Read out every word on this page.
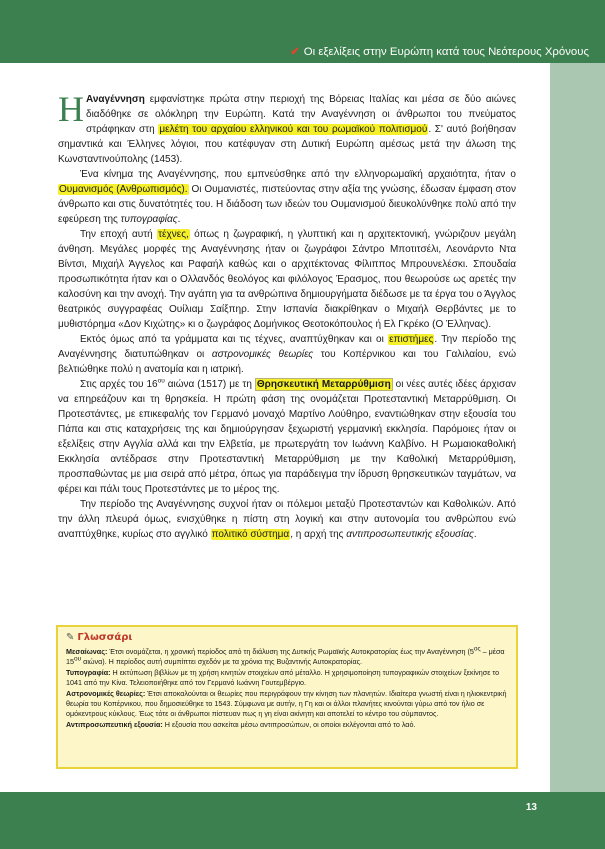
✔ Οι εξελίξεις στην Ευρώπη κατά τους Νεότερους Χρόνους

Η Αναγέννηση εμφανίστηκε πρώτα στην περιοχή της Βόρειας Ιταλίας και μέσα σε δύο αιώνες διαδόθηκε σε ολόκληρη την Ευρώπη. Κατά την Αναγέννηση οι άνθρωποι του πνεύματος στράφηκαν στη μελέτη του αρχαίου ελληνικού και του ρωμαϊκού πολιτισμού. Σ' αυτό βοήθησαν σημαντικά και Έλληνες λόγιοι, που κατέφυγαν στη Δυτική Ευρώπη αμέσως μετά την άλωση της Κωνσταντινούπολης (1453).

Ένα κίνημα της Αναγέννησης, που εμπνεύσθηκε από την ελληνορωμαϊκή αρχαιότητα, ήταν ο Ουμανισμός (Ανθρωπισμός). Οι Ουμανιστές, πιστεύοντας στην αξία της γνώσης, έδωσαν έμφαση στον άνθρωπο και στις δυνατότητές του. Η διάδοση των ιδεών του Ουμανισμού διευκολύνθηκε πολύ από την εφεύρεση της τυπογραφίας.

Την εποχή αυτή τέχνες, όπως η ζωγραφική, η γλυπτική και η αρχιτεκτονική, γνώριζουν μεγάλη άνθηση. Μεγάλες μορφές της Αναγέννησης ήταν οι ζωγράφοι Σάντρο Μποτιτσέλι, Λεονάρντο Ντα Βίντσι, Μιχαήλ Άγγελος και Ραφαήλ καθώς και ο αρχιτέκτονας Φίλιππος Μπρουνελέσκι. Σπουδαία προσωπικότητα ήταν και ο Ολλανδός θεολόγος και φιλόλογος Έρασμος, που θεωρούσε ως αρετές την καλοσύνη και την ανοχή. Την αγάπη για τα ανθρώπινα δημιουργήματα διέδωσε με τα έργα του ο Άγγλος θεατρικός συγγραφέας Ουίλιαμ Σαίξπηρ. Στην Ισπανία διακρίθηκαν ο Μιχαήλ Θερβάντες με το μυθιστόρημα «Δον Κιχώτης» κι ο ζωγράφος Δομήνικος Θεοτοκόπουλος ή Ελ Γκρέκο (Ο Έλληνας).

Εκτός όμως από τα γράμματα και τις τέχνες, αναπτύχθηκαν και οι επιστήμες. Την περίοδο της Αναγέννησης διατυπώθηκαν οι αστρονομικές θεωρίες του Κοπέρνικου και του Γαλιλαίου, ενώ βελτιώθηκε πολύ η ανατομία και η ιατρική.

Στις αρχές του $16^{o\upsilon}$ αιώνα (1517) με τη Θρησκευτική Μεταρρύθμιση οι νέες αυτές ιδέες άρχισαν να επηρεάζουν και τη θρησκεία. Η πρώτη φάση της ονομάζεται Προτεσταντική Μεταρρύθμιση. Οι Προτεστάντες, με επικεφαλής τον Γερμανό μοναχό Μαρτίνο Λούθηρο, εναντιώθηκαν στην εξουσία του Πάπα και στις καταχρήσεις της και δημιούργησαν ξεχωριστή γερμανική εκκλησία. Παρόμοιες ήταν οι εξελίξεις στην Αγγλία αλλά και την Ελβετία, με πρωτεργάτη τον Ιωάννη Καλβίνο. Η Ρωμαιοκαθολική Εκκλησία αντέδρασε στην Προτεσταντική Μεταρρύθμιση με την Καθολική Μεταρρύθμιση, προσπαθώντας με μια σειρά από μέτρα, όπως για παράδειγμα την ίδρυση θρησκευτικών ταγμάτων, να φέρει και πάλι τους Προτεστάντες με το μέρος της.

Την περίοδο της Αναγέννησης συχνοί ήταν οι πόλεμοι μεταξύ Προτεσταντών και Καθολικών. Από την άλλη πλευρά όμως, ενισχύθηκε η πίστη στη λογική και στην αυτονομία του ανθρώπου ενώ αναπτύχθηκε, κυρίως στο αγγλικό πολιτικό σύστημα, η αρχή της αντιπροσωπευτικής εξουσίας.

✎ Γλωσσάρι
Μεσαίωνας: Έτσι ονομάζεται, η χρονική περίοδος από τη διάλυση της Δυτικής Ρωμαϊκής Αυτοκρατορίας έως την Αναγέννηση ($5^{o\varsigma}$ – μέσα $15^{o\upsilon}$ αιώνα). Η περίοδος αυτή συμπίπτει σχεδόν με τα χρόνια της Βυζαντινής Αυτοκρατορίας.
Τυπογραφία: Η εκτύπωση βιβλίων με τη χρήση κινητών στοιχείων από μέταλλο. Η χρησιμοποίηση τυπογραφικών στοιχείων ξεκίνησε το 1041 από την Κίνα. Τελειοποιήθηκε από τον Γερμανό Ιωάννη Γουτεμβέργιο.
Αστρονομικές θεωρίες: Έτσι αποκαλούνται οι θεωρίες που περιγράφουν την κίνηση των πλανητών. Ιδιαίτερα γνωστή είναι η ηλιοκεντρική θεωρία του Κοπέρνικου, που δημοσιεύθηκε το 1543. Σύμφωνα με αυτήν, η Γη και οι άλλοι πλανήτες κινούνται γύρω από τον ήλιο σε ομόκεντρους κύκλους. Έως τότε οι άνθρωποι πίστευαν πως η γη είναι ακίνητη και αποτελεί το κέντρο του σύμπαντος.
Αντιπροσωπευτική εξουσία: Η εξουσία που ασκείται μέσω αντιπροσώπων, οι οποίοι εκλέγονται από το λαό.
13
